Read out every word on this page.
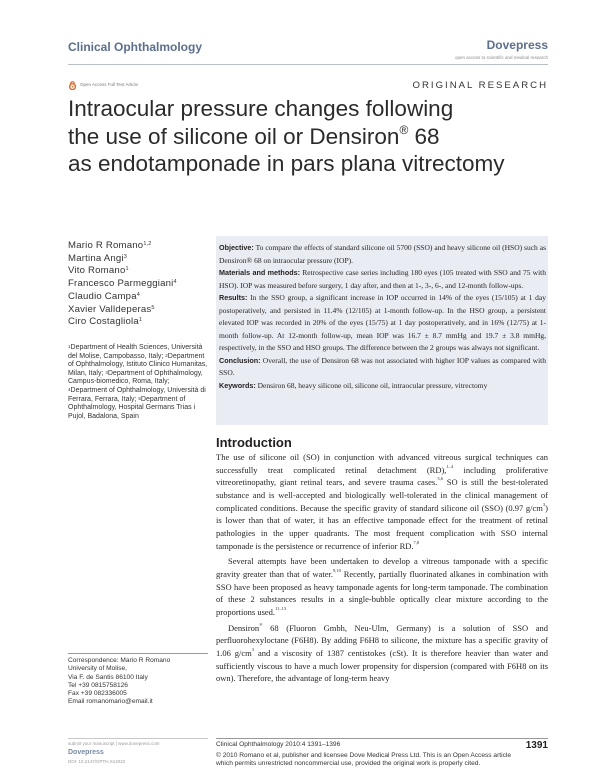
Clinical Ophthalmology	Dovepress
open access to scientific and medical research
Open Access Full Text Article	ORIGINAL RESEARCH
Intraocular pressure changes following
the use of silicone oil or Densiron® 68
as endotamponade in pars plana vitrectomy
Mario R Romano$^{1,2}$
Martina Angi$^3$
Vito Romano$^1$
Francesco Parmeggiani$^4$
Claudio Campa$^4$
Xavier Valldeperas$^5$
Ciro Costagliola$^1$
$^1$Department of Health Sciences, Università del Molise, Campobasso, Italy; $^2$Department of Ophthalmology, Istituto Clinico Humanitas, Milan, Italy; $^3$Department of Ophthalmology, Campus-biomedico, Roma, Italy; $^4$Department of Ophthalmology, Università di Ferrara, Ferrara, Italy; $^5$Department of Ophthalmology, Hospital Germans Trias i Pujol, Badalona, Spain
Correspondence: Mario R Romano
University of Molise,
Via F. de Santis 86100 Italy
Tel +39 0815758126
Fax +39 082336005
Email romanomario@email.it

Objective: To compare the effects of standard silicone oil 5700 (SSO) and heavy silicone oil (HSO) such as Densiron® 68 on intraocular pressure (IOP).

Materials and methods: Retrospective case series including 180 eyes (105 treated with SSO and 75 with HSO). IOP was measured before surgery, 1 day after, and then at 1-, 3-, 6-, and 12-month follow-ups.

Results: In the SSO group, a significant increase in IOP occurred in 14% of the eyes (15/105) at 1 day postoperatively, and persisted in 11.4% (12/105) at 1-month follow-up. In the HSO group, a persistent elevated IOP was recorded in 20% of the eyes (15/75) at 1 day postoperatively, and in 16% (12/75) at 1-month follow-up. At 12-month follow-up, mean IOP was 16.7 ± 8.7 mmHg and 19.7 ± 3.8 mmHg, respectively, in the SSO and HSO groups. The difference between the 2 groups was always not significant.

Conclusion: Overall, the use of Densiron 68 was not associated with higher IOP values as compared with SSO.

Keywords: Densiron 68, heavy silicone oil, silicone oil, intraocular pressure, vitrectomy

Introduction

The use of silicone oil (SO) in conjunction with advanced vitreous surgical techniques can successfully treat complicated retinal detachment (RD),$^{1-4}$ including proliferative vitreoretinopathy, giant retinal tears, and severe trauma cases.$^{5,6}$ SO is still the best-tolerated substance and is well-accepted and biologically well-tolerated in the clinical management of complicated conditions. Because the specific gravity of standard silicone oil (SSO) (0.97 $g/cm^3$) is lower than that of water, it has an effective tamponade effect for the treatment of retinal pathologies in the upper quadrants. The most frequent complication with SSO internal tamponade is the persistence or recurrence of inferior RD.$^{7,8}$

Several attempts have been undertaken to develop a vitreous tamponade with a specific gravity greater than that of water.$^{9,10}$ Recently, partially fluorinated alkanes in combination with SSO have been proposed as heavy tamponade agents for long-term tamponade. The combination of these 2 substances results in a single-bubble optically clear mixture according to the proportions used.$^{11-13}$

Densiron® 68 (Fluoron Gmbh, Neu-Ulm, Germany) is a solution of SSO and perfluorohexyloctane (F6H8). By adding F6H8 to silicone, the mixture has a specific gravity of 1.06 $g/cm^3$ and a viscosity of 1387 centistokes (cSt). It is therefore heavier than water and sufficiently viscous to have a much lower propensity for dispersion (compared with F6H8 on its own). Therefore, the advantage of long-term heavy

submit your manuscript | www.dovepress.com
Dovepress
DOI: 10.2147/OPTH.S14022
Clinical Ophthalmology 2010:4 1391–1396	1391
© 2010 Romano et al, publisher and licensee Dove Medical Press Ltd. This is an Open Access article
which permits unrestricted noncommercial use, provided the original work is properly cited.
